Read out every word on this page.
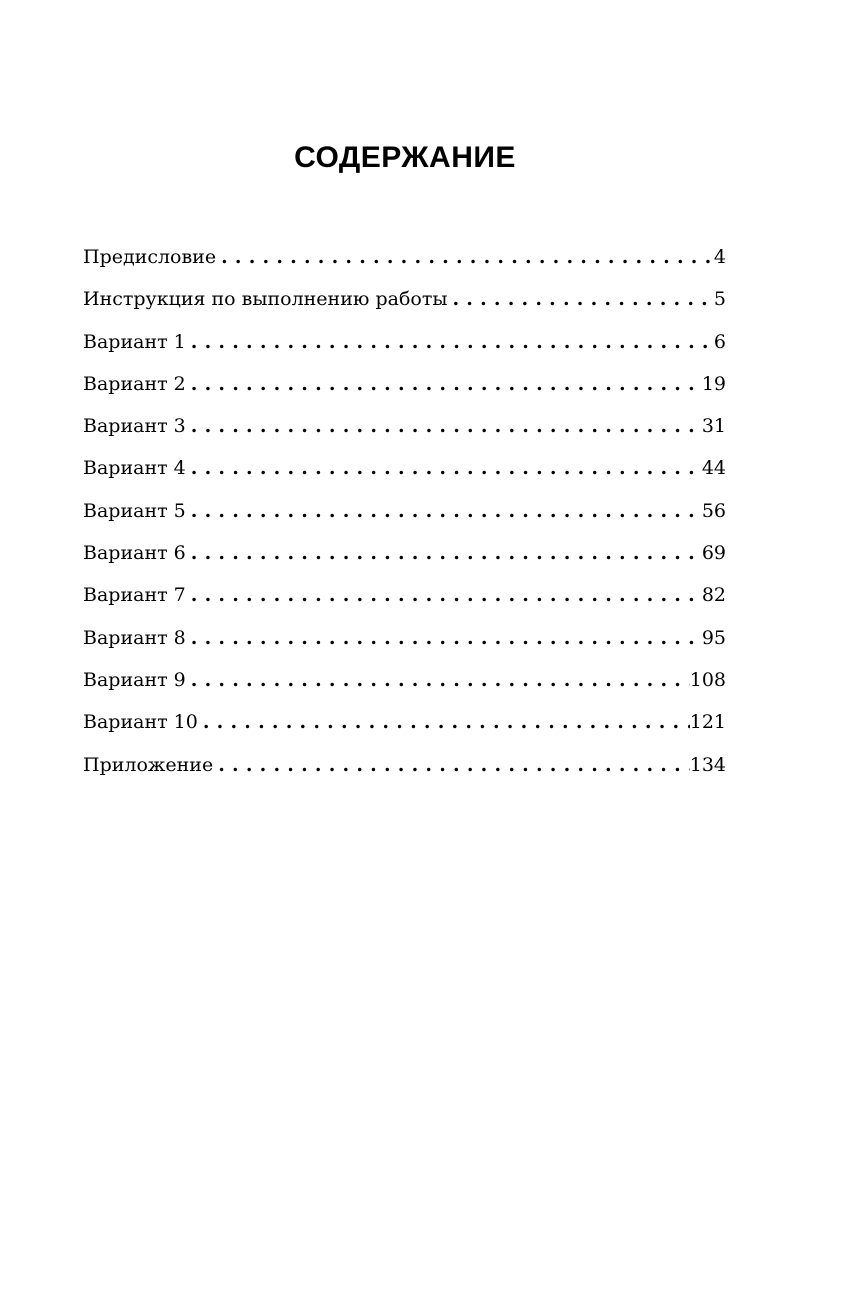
СОДЕРЖАНИЕ
Предисловие .....	4
Инструкция по выполнению работы .....	5
Вариант 1 .....	6
Вариант 2 .....	19
Вариант 3 .....	31
Вариант 4 .....	44
Вариант 5 .....	56
Вариант 6 .....	69
Вариант 7 .....	82
Вариант 8 .....	95
Вариант 9 .....	108
Вариант 10 .....	121
Приложение .....	134
